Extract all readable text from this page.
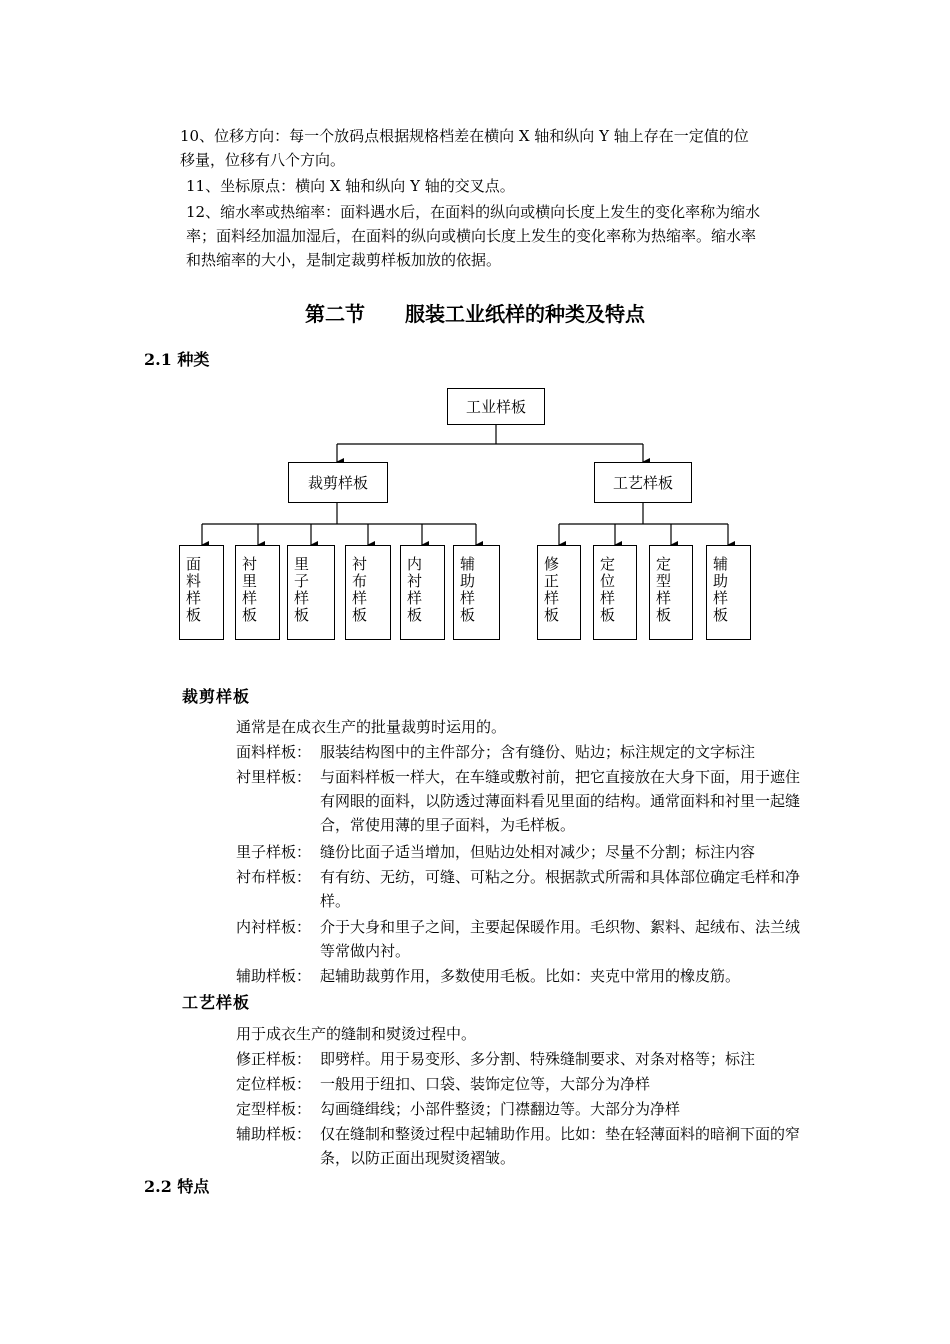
10、位移方向：每一个放码点根据规格档差在横向 X 轴和纵向 Y 轴上存在一定值的位
移量，位移有八个方向。
11、坐标原点：横向 X 轴和纵向 Y 轴的交叉点。
12、缩水率或热缩率：面料遇水后，在面料的纵向或横向长度上发生的变化率称为缩水
率；面料经加温加湿后，在面料的纵向或横向长度上发生的变化率称为热缩率。缩水率
和热缩率的大小，是制定裁剪样板加放的依据。
第二节　　服装工业纸样的种类及特点
2.1 种类
工业样板
裁剪样板	工艺样板
面
料
样
板
衬
里
样
板
里
子
样
板
衬
布
样
板
内
衬
样
板
辅
助
样
板
修
正
样
板
定
位
样
板
定
型
样
板
辅
助
样
板
裁剪样板
通常是在成衣生产的批量裁剪时运用的。
面料样板： 服装结构图中的主件部分；含有缝份、贴边；标注规定的文字标注
衬里样板： 与面料样板一样大，在车缝或敷衬前，把它直接放在大身下面，用于遮住有网眼的面料，以防透过薄面料看见里面的结构。通常面料和衬里一起缝合，常使用薄的里子面料，为毛样板。
里子样板： 缝份比面子适当增加，但贴边处相对减少；尽量不分割；标注内容
衬布样板： 有有纺、无纺，可缝、可粘之分。根据款式所需和具体部位确定毛样和净样。
内衬样板： 介于大身和里子之间，主要起保暖作用。毛织物、絮料、起绒布、法兰绒等常做内衬。
辅助样板： 起辅助裁剪作用，多数使用毛板。比如：夹克中常用的橡皮筋。
工艺样板
用于成衣生产的缝制和熨烫过程中。
修正样板： 即劈样。用于易变形、多分割、特殊缝制要求、对条对格等；标注
定位样板： 一般用于纽扣、口袋、装饰定位等，大部分为净样
定型样板： 勾画缝缉线；小部件整烫；门襟翻边等。大部分为净样
辅助样板： 仅在缝制和整烫过程中起辅助作用。比如：垫在轻薄面料的暗裥下面的窄条，以防正面出现熨烫褶皱。
2.2 特点
